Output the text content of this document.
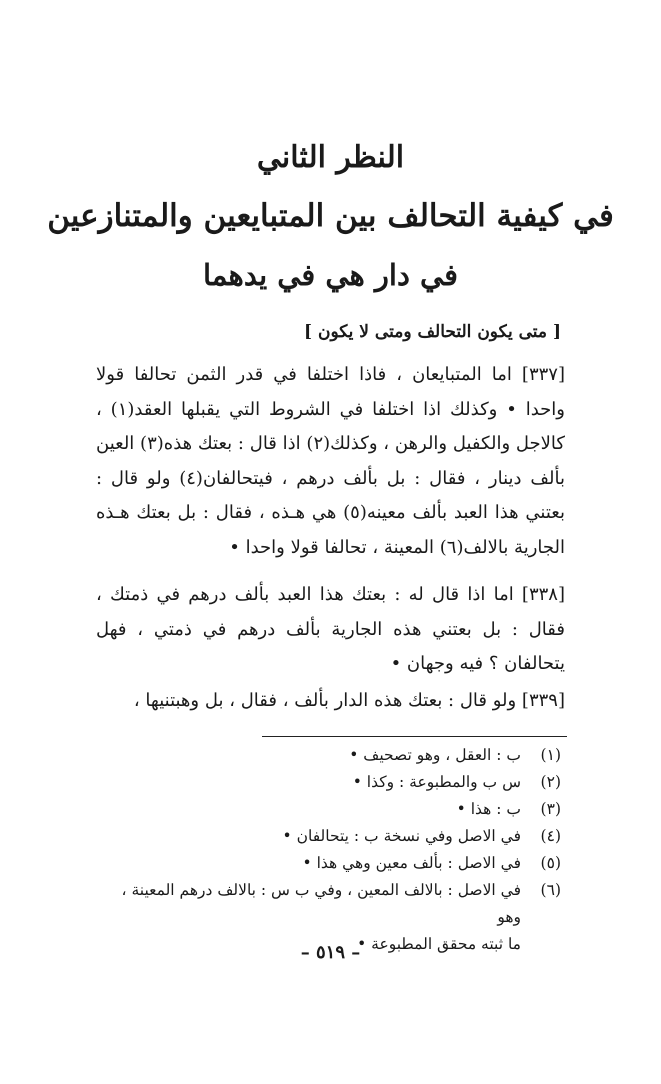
النظر الثاني
في كيفية التحالف بين المتبايعين والمتنازعين
في دار هي في يدهما
[ متى يكون التحالف ومتى لا يكون ]
[٣٣٧] اما المتبايعان ، فاذا اختلفا في قدر الثمن تحالفا قولا واحدا • وكذلك اذا اختلفا في الشروط التي يقبلها العقد(١) ، كالاجل والكفيل والرهن ، وكذلك(٢) اذا قال : بعتك هذه(٣) العين بألف دينار ، فقال : بل بألف درهم ، فيتحالفان(٤) ولو قال : بعتني هذا العبد بألف معينه(٥) هي هـذه ، فقال : بل بعتك هـذه الجارية بالالف(٦) المعينة ، تحالفا قولا واحدا •
[٣٣٨] اما اذا قال له : بعتك هذا العبد بألف درهم في ذمتك ، فقال : بل بعتني هذه الجارية بألف درهم في ذمتي ، فهل يتحالفان ؟ فيه وجهان •
[٣٣٩] ولو قال : بعتك هذه الدار بألف ، فقال ، بل وهبتنيها ،
(١)
ب : العقل ، وهو تصحيف •
(٢)
س ب والمطبوعة : وكذا •
(٣)
ب : هذا •
(٤)
في الاصل وفي نسخة ب : يتحالفان •
(٥)
في الاصل : بألف معين وهي هذا •
(٦)
في الاصل : بالالف المعين ، وفي ب س : بالالف درهم المعينة ، وهو
ما ثبته محقق المطبوعة •
– ٥١٩ –
